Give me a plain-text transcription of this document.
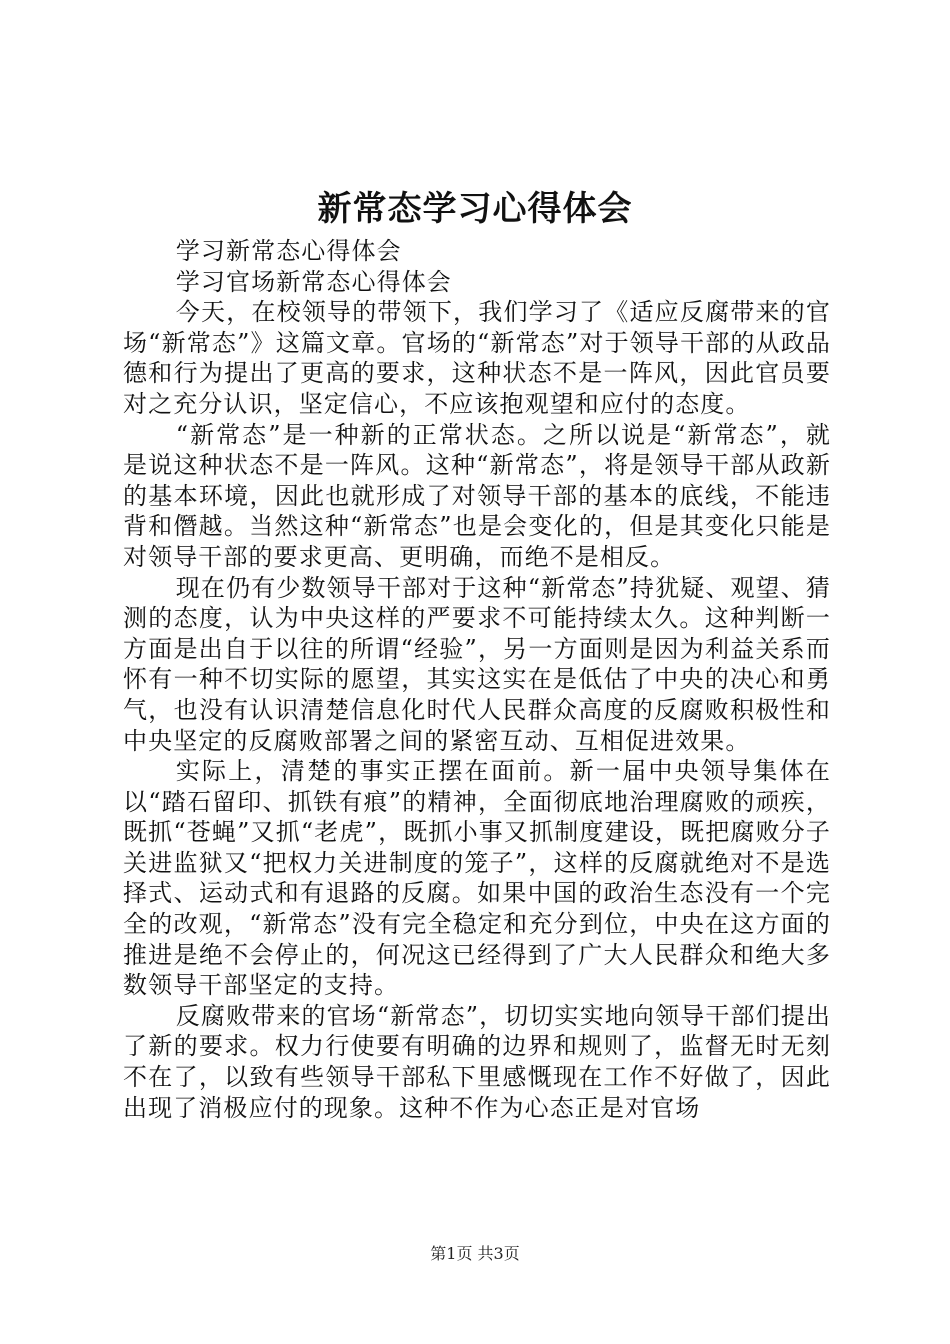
新常态学习心得体会

学习新常态心得体会

学习官场新常态心得体会

今天，在校领导的带领下，我们学习了《适应反腐带来的官场“新常态”》这篇文章。官场的“新常态”对于领导干部的从政品德和行为提出了更高的要求，这种状态不是一阵风，因此官员要对之充分认识，坚定信心，不应该抱观望和应付的态度。

“新常态”是一种新的正常状态。之所以说是“新常态”，就是说这种状态不是一阵风。这种“新常态”，将是领导干部从政新的基本环境，因此也就形成了对领导干部的基本的底线，不能违背和僭越。当然这种“新常态”也是会变化的，但是其变化只能是对领导干部的要求更高、更明确，而绝不是相反。

现在仍有少数领导干部对于这种“新常态”持犹疑、观望、猜测的态度，认为中央这样的严要求不可能持续太久。这种判断一方面是出自于以往的所谓“经验”，另一方面则是因为利益关系而怀有一种不切实际的愿望，其实这实在是低估了中央的决心和勇气，也没有认识清楚信息化时代人民群众高度的反腐败积极性和中央坚定的反腐败部署之间的紧密互动、互相促进效果。

实际上，清楚的事实正摆在面前。新一届中央领导集体在以“踏石留印、抓铁有痕”的精神，全面彻底地治理腐败的顽疾，既抓“苍蝇”又抓“老虎”，既抓小事又抓制度建设，既把腐败分子关进监狱又“把权力关进制度的笼子”，这样的反腐就绝对不是选择式、运动式和有退路的反腐。如果中国的政治生态没有一个完全的改观，“新常态”没有完全稳定和充分到位，中央在这方面的推进是绝不会停止的，何况这已经得到了广大人民群众和绝大多数领导干部坚定的支持。

反腐败带来的官场“新常态”，切切实实地向领导干部们提出了新的要求。权力行使要有明确的边界和规则了，监督无时无刻不在了，以致有些领导干部私下里感慨现在工作不好做了，因此出现了消极应付的现象。这种不作为心态正是对官场

第1页 共3页
